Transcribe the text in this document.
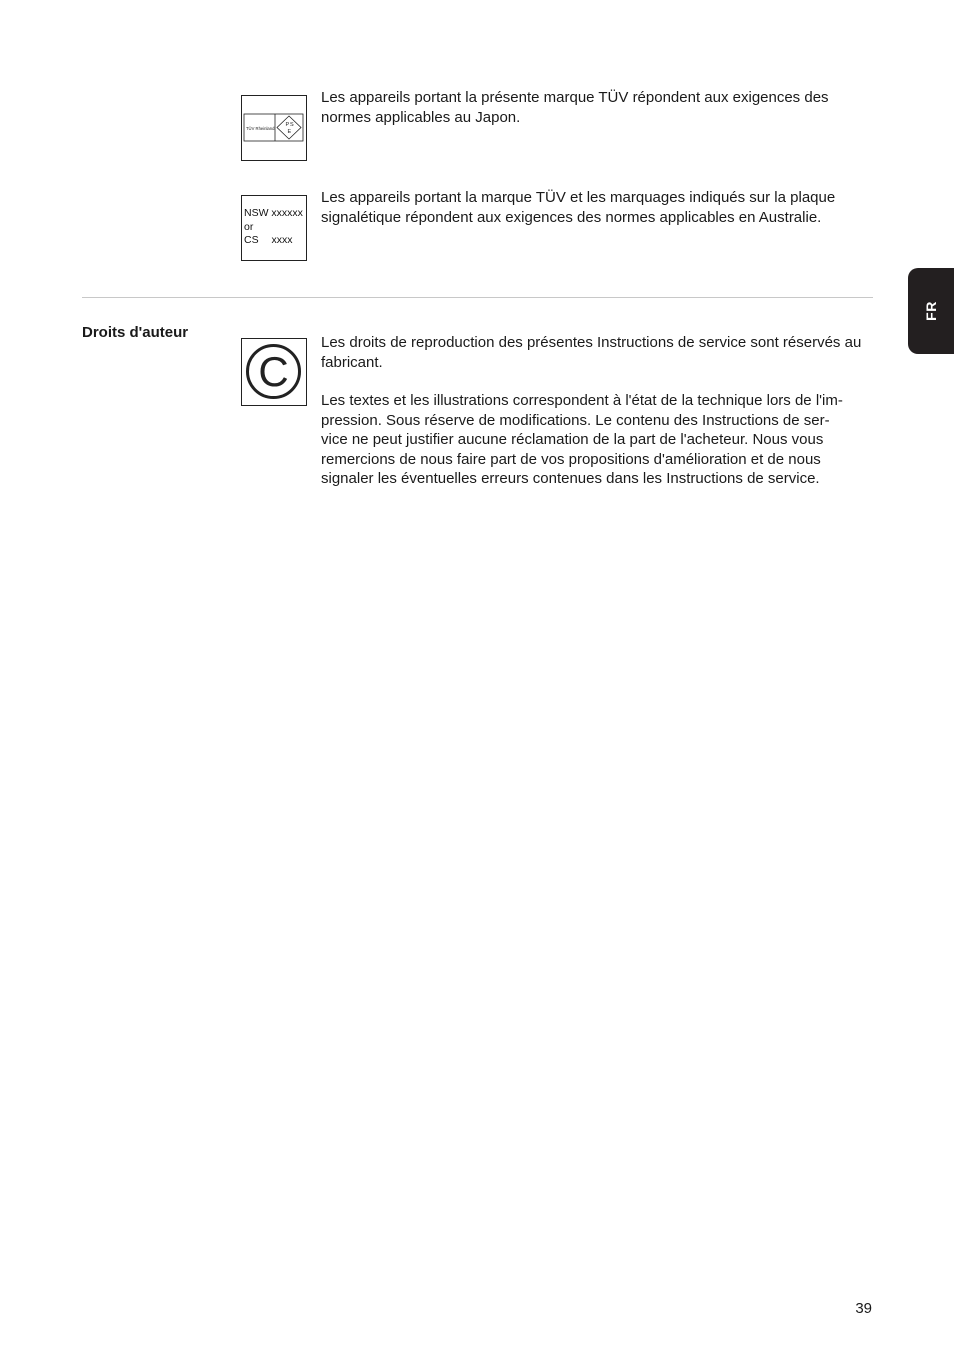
TÜV Rheinland
P S
E

Les appareils portant la présente marque TÜV répondent aux exigences des normes applicables au Japon.

NSW xxxxxx
or
CS xxxx

Les appareils portant la marque TÜV et les marquages indiqués sur la plaque signalétique répondent aux exigences des normes applicables en Australie.

Droits d'auteur
C

Les droits de reproduction des présentes Instructions de service sont réservés au fabricant.

Les textes et les illustrations correspondent à l'état de la technique lors de l'im-
pression. Sous réserve de modifications. Le contenu des Instructions de ser-
vice ne peut justifier aucune réclamation de la part de l'acheteur. Nous vous
remercions de nous faire part de vos propositions d'amélioration et de nous
signaler les éventuelles erreurs contenues dans les Instructions de service.
FR
39
